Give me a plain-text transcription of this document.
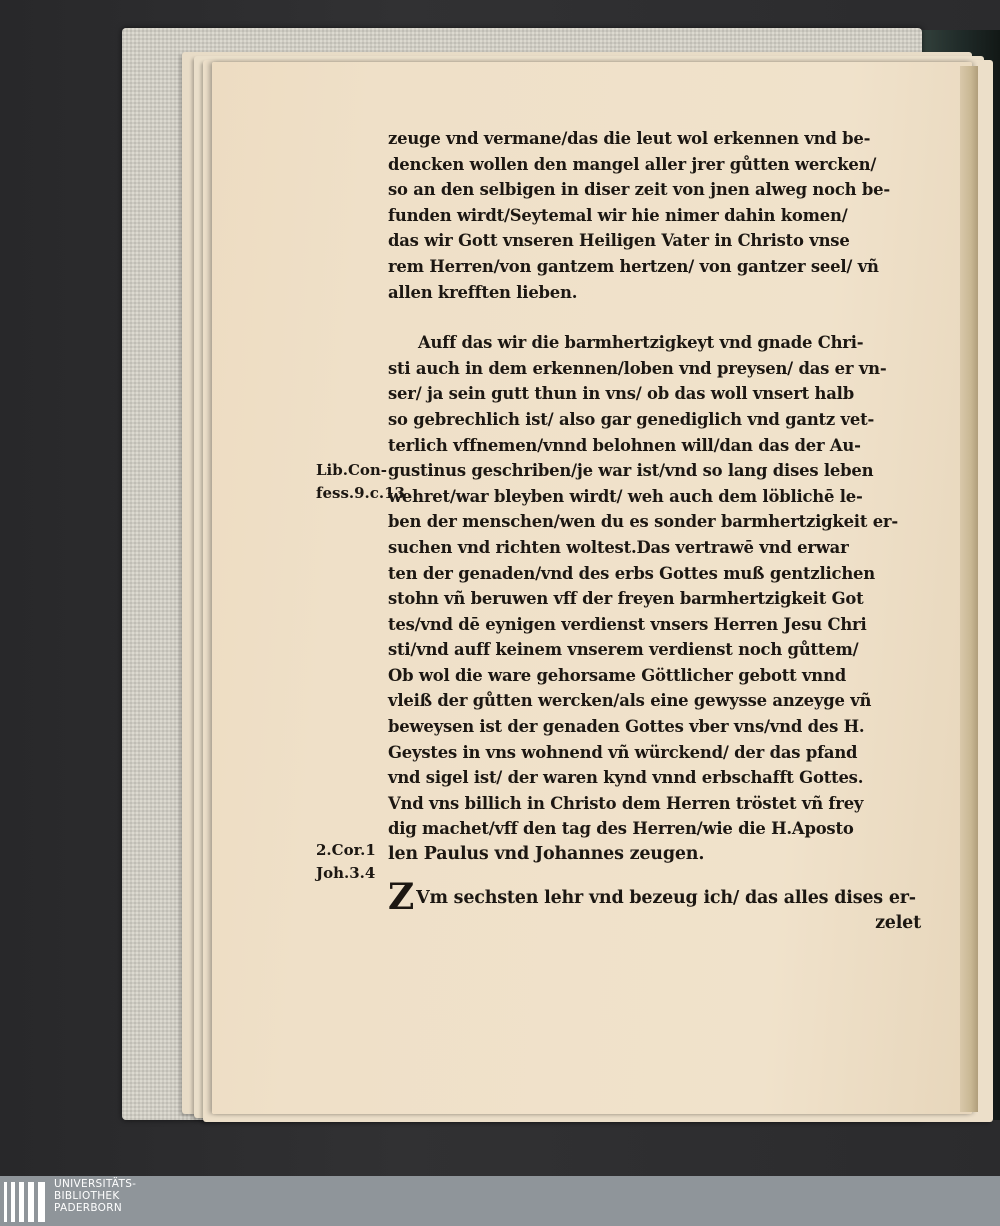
Lib.Con-
fess.9.c.13
2.Cor.1
Joh.3.4
zeuge vnd vermane/das die leut wol erkennen vnd be-
dencken wollen den mangel aller jrer gůtten wercken/
so an den selbigen in diser zeit von jnen alweg noch be-
funden wirdt/Seytemal wir hie nimer dahin komen/
das wir Gott vnseren Heiligen Vater in Christo vnse
rem Herren/von gantzem hertzen/ von gantzer seel/ vñ
allen krefften lieben.
Auff das wir die barmhertzigkeyt vnd gnade Chri-
sti auch in dem erkennen/loben vnd preysen/ das er vn-
ser/ ja sein gutt thun in vns/ ob das woll vnsert halb
so gebrechlich ist/ also gar genediglich vnd gantz vet-
terlich vffnemen/vnnd belohnen will/dan das der Au-
gustinus geschriben/je war ist/vnd so lang dises leben
wehret/war bleyben wirdt/ weh auch dem löblichē le-
ben der menschen/wen du es sonder barmhertzigkeit er-
suchen vnd richten woltest.Das vertrawē vnd erwar
ten der genaden/vnd des erbs Gottes muß gentzlichen
stohn vñ beruwen vff der freyen barmhertzigkeit Got
tes/vnd dē eynigen verdienst vnsers Herren Jesu Chri
sti/vnd auff keinem vnserem verdienst noch gůttem/
Ob wol die ware gehorsame Göttlicher gebott vnnd
vleiß der gůtten wercken/als eine gewysse anzeyge vñ
beweysen ist der genaden Gottes vber vns/vnd des H.
Geystes in vns wohnend vñ würckend/ der das pfand
vnd sigel ist/ der waren kynd vnnd erbschafft Gottes.
Vnd vns billich in Christo dem Herren tröstet vñ frey
dig machet/vff den tag des Herren/wie die H.Aposto
len Paulus vnd Johannes zeugen.
Z Vm sechsten lehr vnd bezeug ich/ das alles dises er-
zelet
UNIVERSITÄTS-
BIBLIOTHEK
PADERBORN
